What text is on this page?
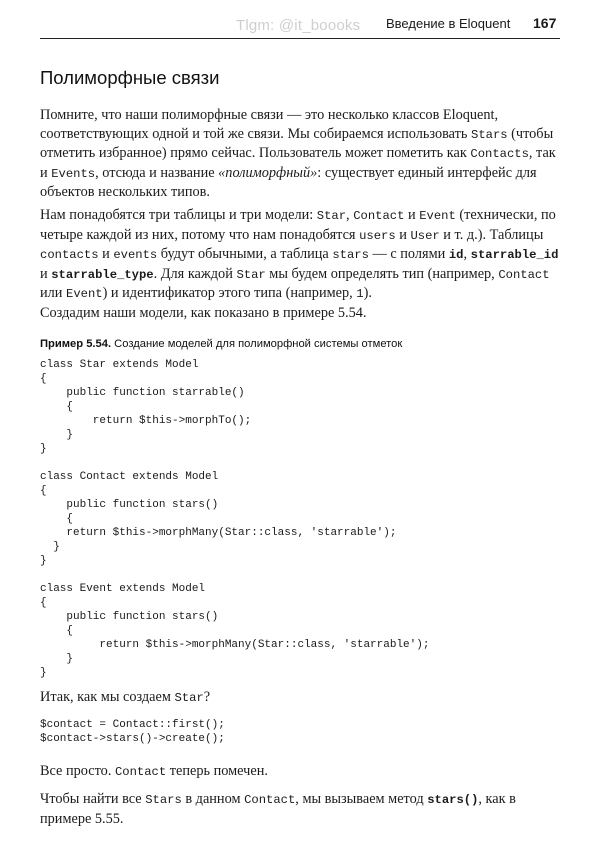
Tlgm: @it_boooks Введение в Eloquent 167
Полиморфные связи
Помните, что наши полиморфные связи — это несколько классов Eloquent, соответствующих одной и той же связи. Мы собираемся использовать Stars (чтобы отметить избранное) прямо сейчас. Пользователь может пометить как Contacts, так и Events, отсюда и название «полиморфный»: существует единый интерфейс для объектов нескольких типов.
Нам понадобятся три таблицы и три модели: Star, Contact и Event (технически, по четыре каждой из них, потому что нам понадобятся users и User и т. д.). Таблицы contacts и events будут обычными, а таблица stars — с полями id, starrable_id и starrable_type. Для каждой Star мы будем определять тип (например, Contact или Event) и идентификатор этого типа (например, 1).
Создадим наши модели, как показано в примере 5.54.
Пример 5.54. Создание моделей для полиморфной системы отметок
class Star extends Model
{
public function starrable()
{
return $this->morphTo();
}
}

class Contact extends Model
{
public function stars()
{
return $this->morphMany(Star::class, 'starrable');
}
}

class Event extends Model
{
public function stars()
{
return $this->morphMany(Star::class, 'starrable');
}
}
Итак, как мы создаем Star?
$contact = Contact::first();
$contact->stars()->create();
Все просто. Contact теперь помечен.
Чтобы найти все Stars в данном Contact, мы вызываем метод stars(), как в примере 5.55.
